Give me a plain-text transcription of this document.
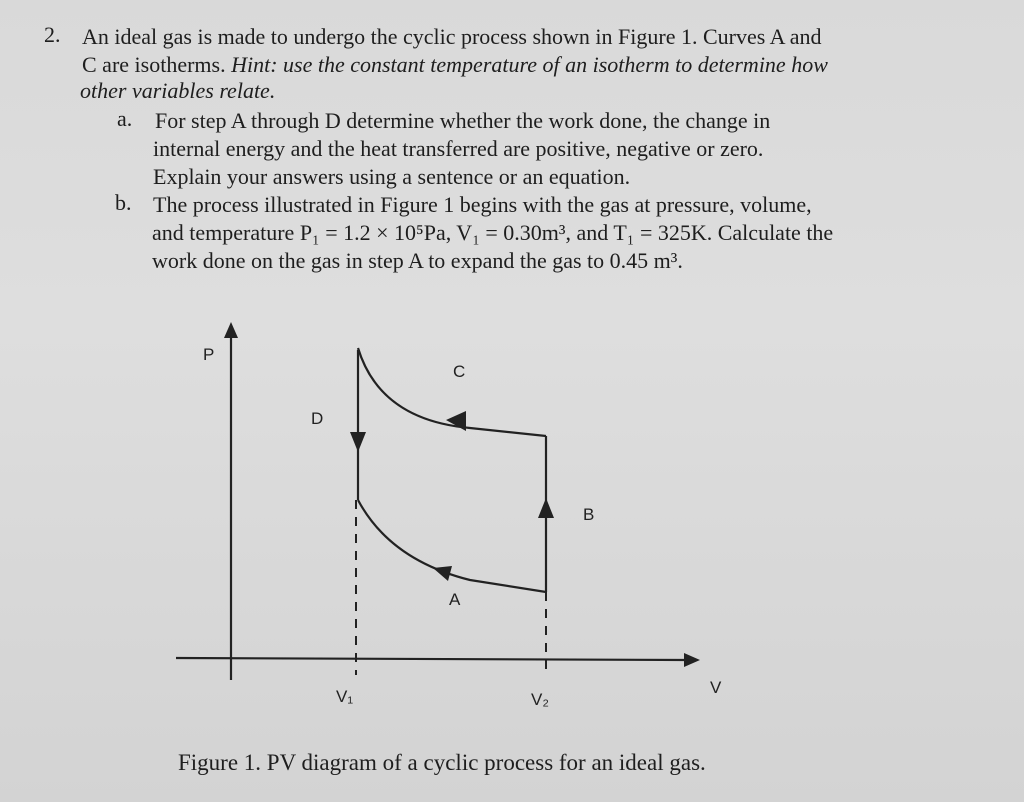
2. An ideal gas is made to undergo the cyclic process shown in Figure 1. Curves A and
C are isotherms. Hint: use the constant temperature of an isotherm to determine how
other variables relate.
a. For step A through D determine whether the work done, the change in
internal energy and the heat transferred are positive, negative or zero.
Explain your answers using a sentence or an equation.
b. The process illustrated in Figure 1 begins with the gas at pressure, volume,
and temperature P₁ = 1.2 × 10⁵Pa, V₁ = 0.30m³, and T₁ = 325K. Calculate the
work done on the gas in step A to expand the gas to 0.45 m³.
P
C
D
B
A
V₁	V₂
V
Figure 1. PV diagram of a cyclic process for an ideal gas.
